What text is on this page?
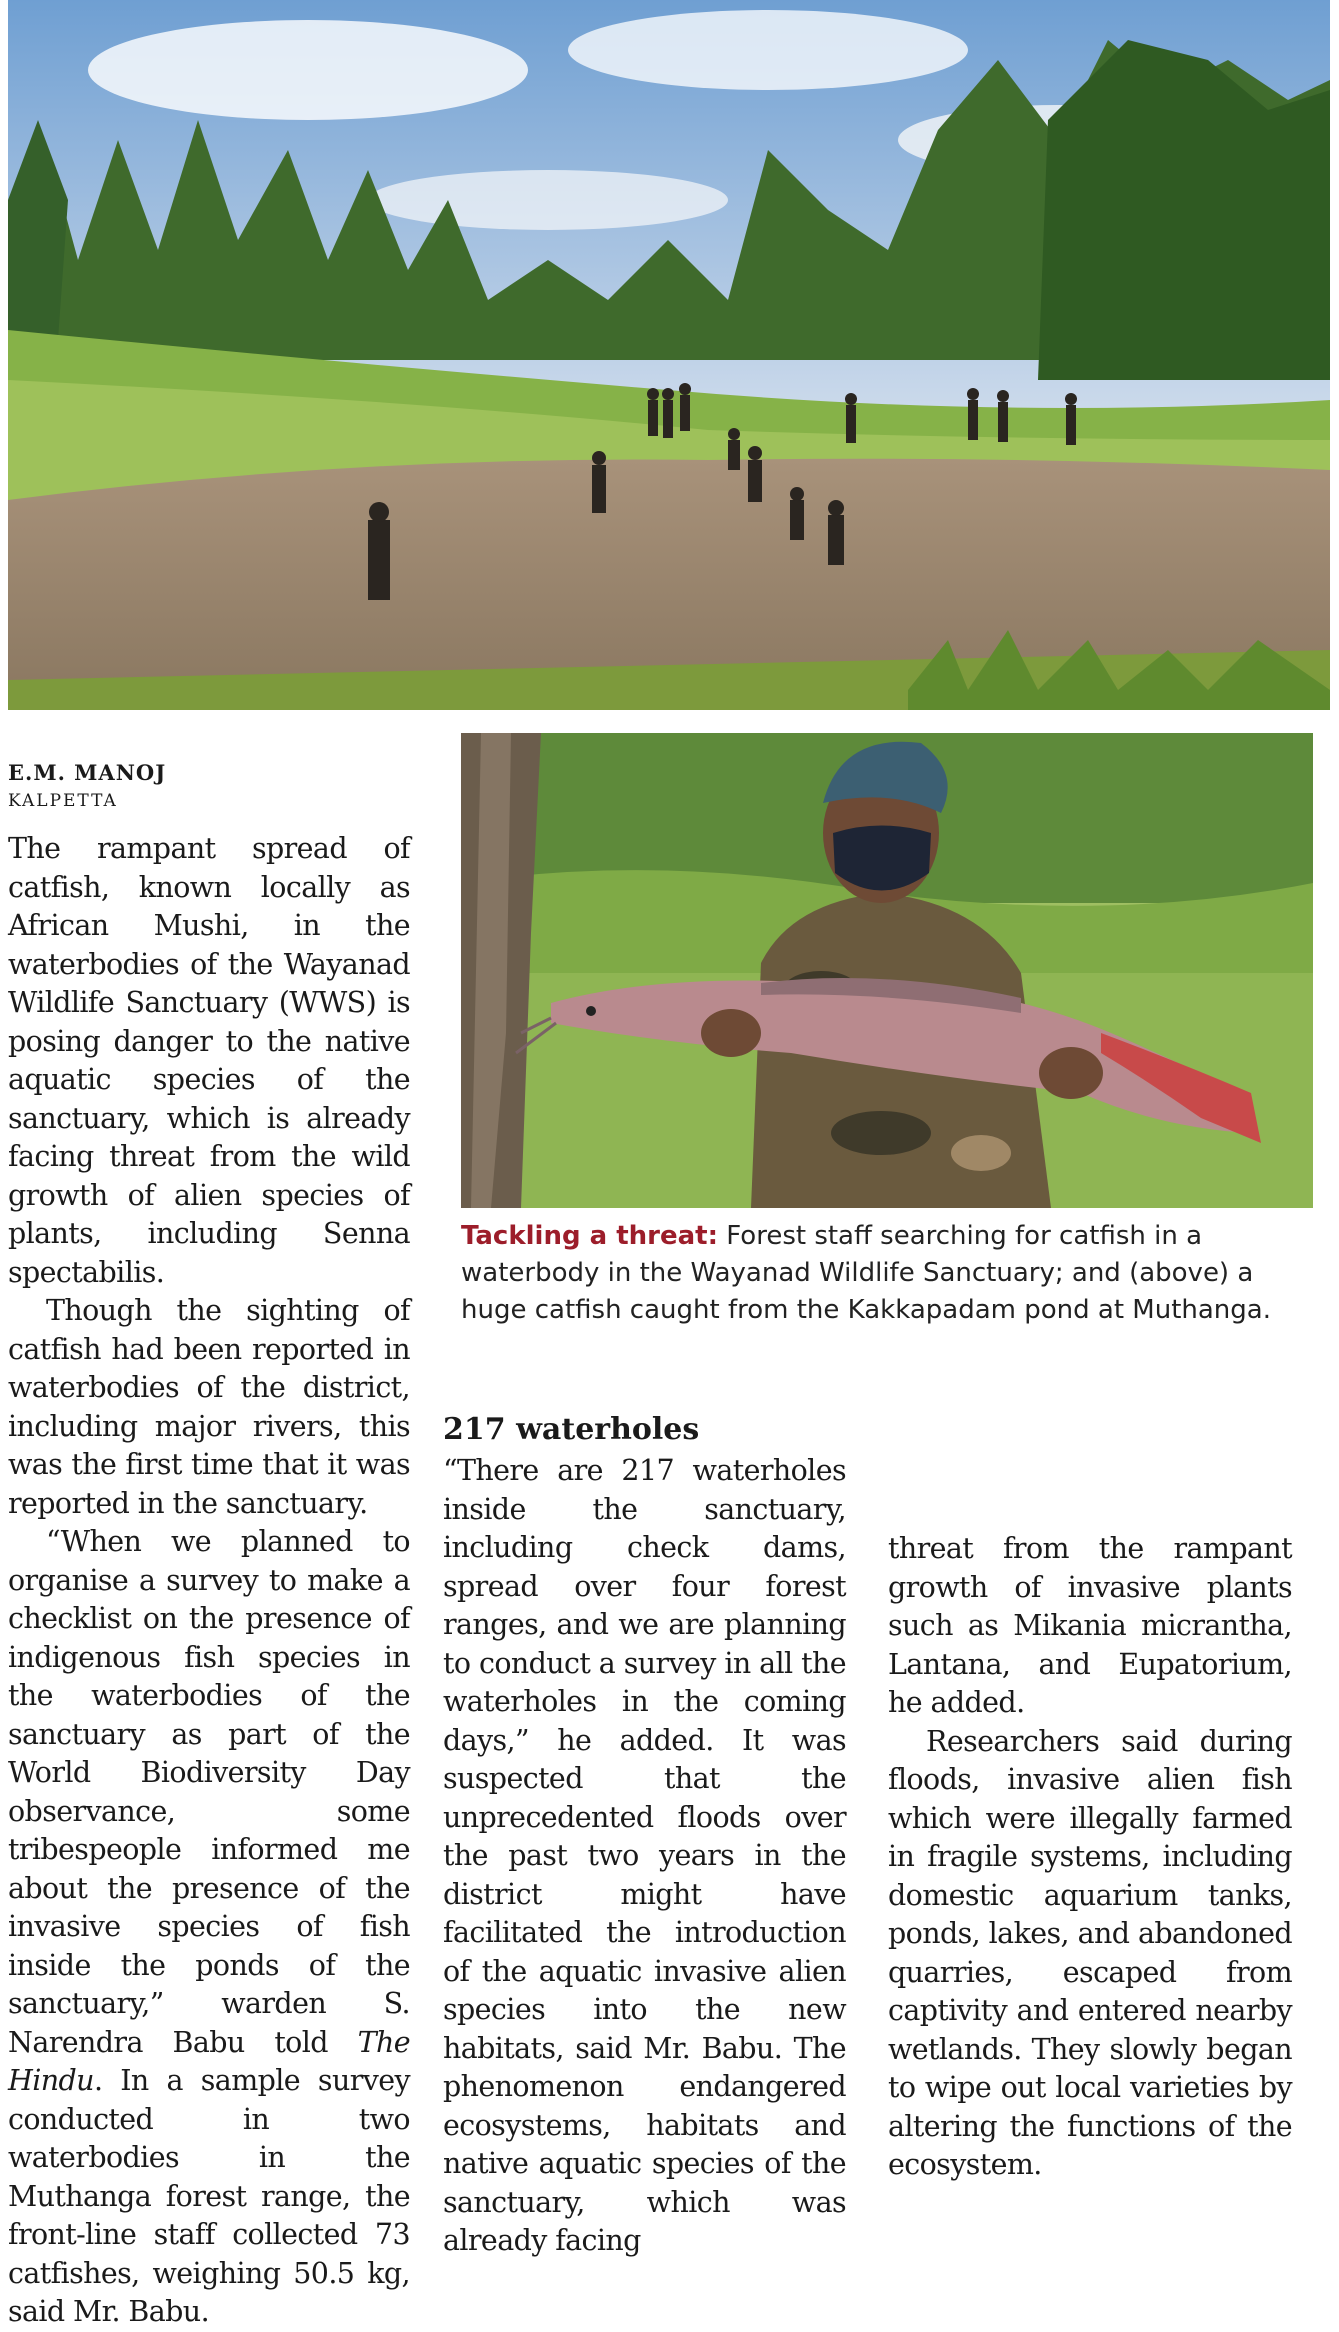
E.M. MANOJ
KALPETTA
Tackling a threat: Forest staff searching for catfish in a waterbody in the Wayanad Wildlife Sanctuary; and (above) a huge catfish caught from the Kakkapadam pond at Muthanga.

The rampant spread of catfish, known locally as African Mushi, in the waterbodies of the Wayanad Wildlife Sanctuary (WWS) is posing danger to the native aquatic species of the sanctuary, which is already facing threat from the wild growth of alien species of plants, including Senna spectabilis.

Though the sighting of catfish had been reported in waterbodies of the district, including major rivers, this was the first time that it was reported in the sanctuary.

“When we planned to organise a survey to make a checklist on the presence of indigenous fish species in the waterbodies of the sanctuary as part of the World Biodiversity Day observance, some tribespeople informed me about the presence of the invasive species of fish inside the ponds of the sanctuary,” warden S. Narendra Babu told The Hindu. In a sample survey conducted in two waterbodies in the Muthanga forest range, the front-line staff collected 73 catfishes, weighing 50.5 kg, said Mr. Babu.

217 waterholes

“There are 217 waterholes inside the sanctuary, including check dams, spread over four forest ranges, and we are planning to conduct a survey in all the waterholes in the coming days,” he added. It was suspected that the unprecedented floods over the past two years in the district might have facilitated the introduction of the aquatic invasive alien species into the new habitats, said Mr. Babu. The phenomenon endangered ecosystems, habitats and native aquatic species of the sanctuary, which was already facing

threat from the rampant growth of invasive plants such as Mikania micrantha, Lantana, and Eupatorium, he added.

Researchers said during floods, invasive alien fish which were illegally farmed in fragile systems, including domestic aquarium tanks, ponds, lakes, and abandoned quarries, escaped from captivity and entered nearby wetlands. They slowly began to wipe out local varieties by altering the functions of the ecosystem.
